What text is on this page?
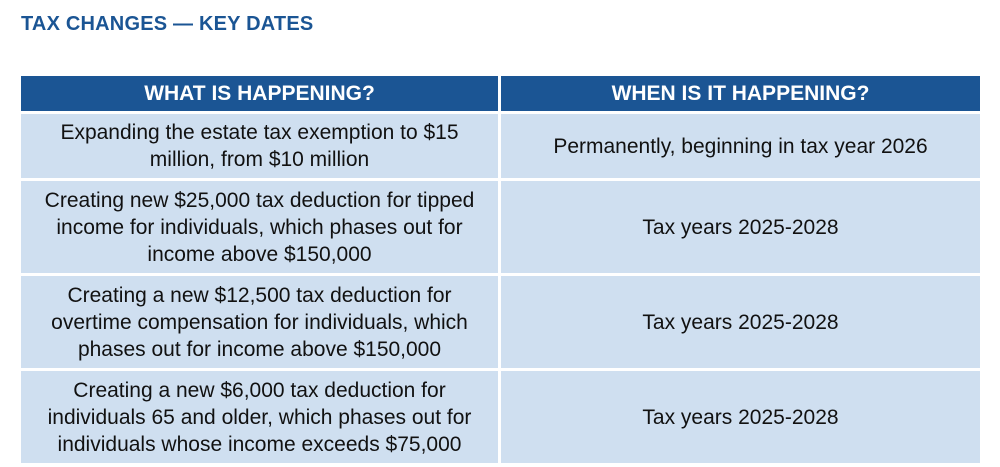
TAX CHANGES — KEY DATES
WHAT IS HAPPENING?	WHEN IS IT HAPPENING?
Expanding the estate tax exemption to $15 million, from $10 million	Permanently, beginning in tax year 2026
Creating new $25,000 tax deduction for tipped income for individuals, which phases out for income above $150,000	Tax years 2025-2028
Creating a new $12,500 tax deduction for overtime compensation for individuals, which phases out for income above $150,000	Tax years 2025-2028
Creating a new $6,000 tax deduction for individuals 65 and older, which phases out for individuals whose income exceeds $75,000	Tax years 2025-2028
